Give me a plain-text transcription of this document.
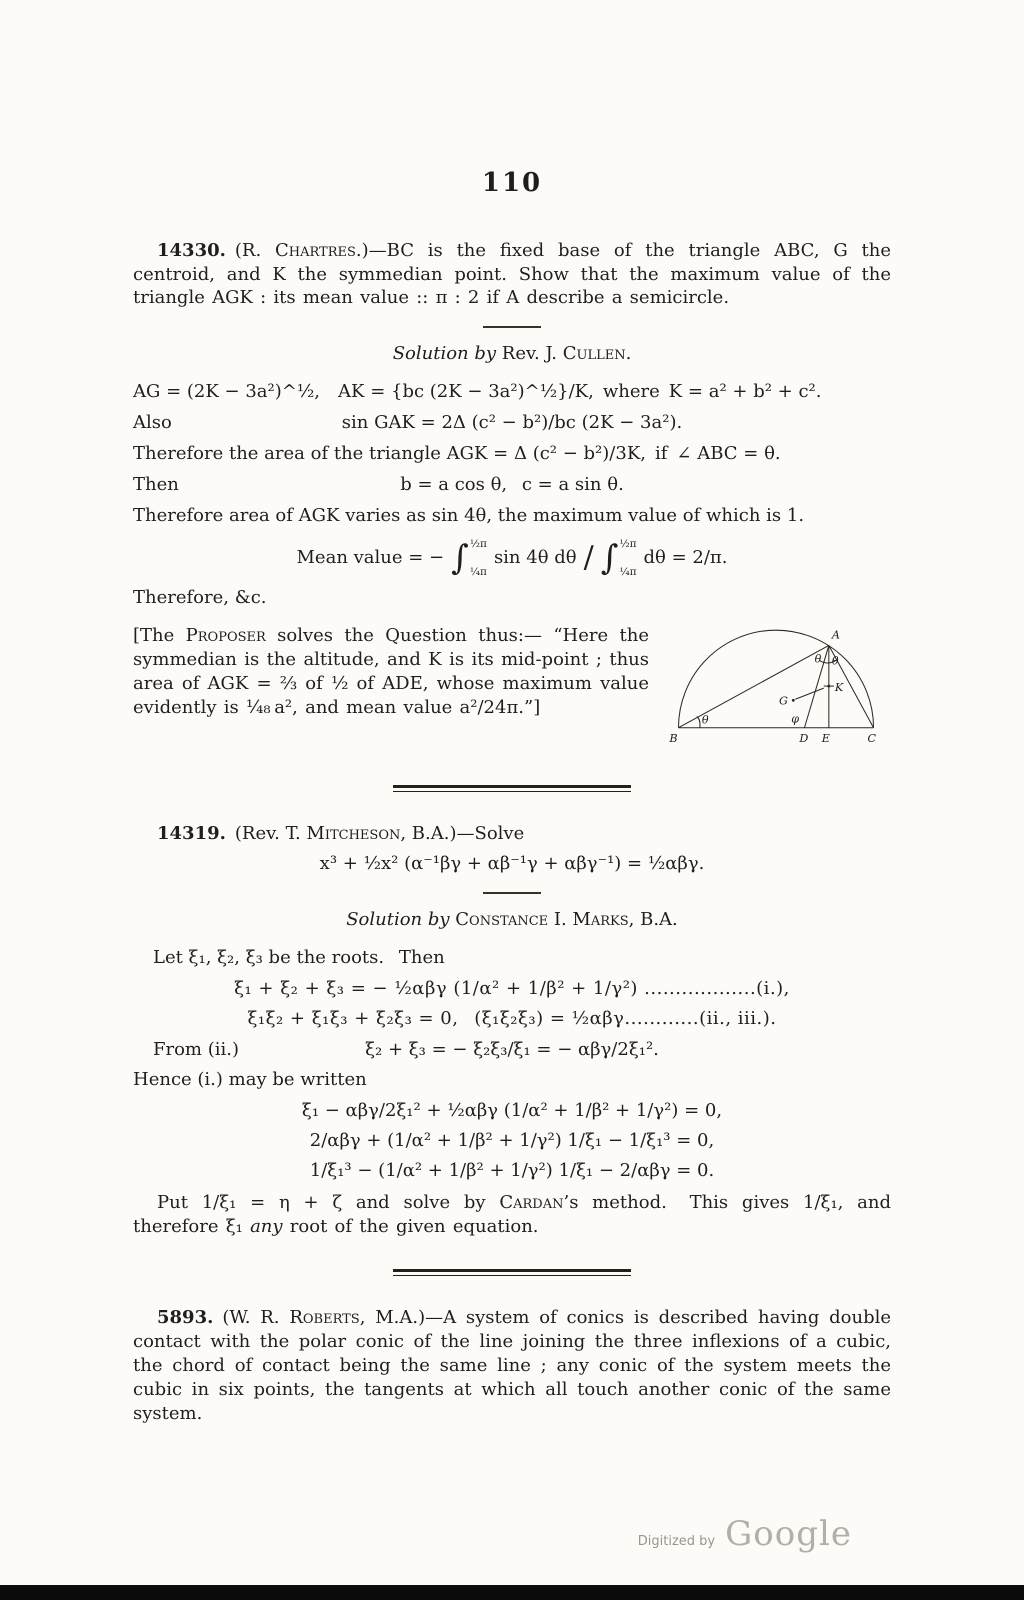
110

14330. (R. Chartres.)—BC is the fixed base of the triangle ABC, G the centroid, and K the symmedian point. Show that the maximum value of the triangle AGK : its mean value :: π : 2 if A describe a semicircle.

Solution by Rev. J. Cullen.
AG = (2K − 3a²)^½, AK = {bc (2K − 3a²)^½}/K, where K = a² + b² + c².
Also	sin GAK = 2Δ (c² − b²)/bc (2K − 3a²).
Therefore the area of the triangle AGK = Δ (c² − b²)/3K, if ∠ ABC = θ.
Then	b = a cos θ,  c = a sin θ.
Therefore area of AGK varies as sin 4θ, the maximum value of which is 1.
Mean value = − ∫ ½π
¼π
sin 4θ dθ / ∫ ½π
¼π
dθ = 2/π.
Therefore, &c.
A
B	C
D E
G
K
θ
θ θ
φ

[The Proposer solves the Question thus:— “Here the symmedian is the altitude, and K is its mid-point ; thus area of AGK = ⅔ of ½ of ADE, whose maximum value evidently is ¹⁄₄₈ a², and mean value a²/24π.”]

14319. (Rev. T. Mitcheson, B.A.)—Solve

x³ + ½x² (α⁻¹βγ + αβ⁻¹γ + αβγ⁻¹) = ½αβγ.
Solution by Constance I. Marks, B.A.
Let ξ₁, ξ₂, ξ₃ be the roots.  Then
ξ₁ + ξ₂ + ξ₃ = − ½αβγ (1/α² + 1/β² + 1/γ²) ..................(i.),
ξ₁ξ₂ + ξ₁ξ₃ + ξ₂ξ₃ = 0,  (ξ₁ξ₂ξ₃) = ½αβγ............(ii., iii.).
From (ii.)	ξ₂ + ξ₃ = − ξ₂ξ₃/ξ₁ = − αβγ/2ξ₁².
Hence (i.) may be written
ξ₁ − αβγ/2ξ₁² + ½αβγ (1/α² + 1/β² + 1/γ²) = 0,
2/αβγ + (1/α² + 1/β² + 1/γ²) 1/ξ₁ − 1/ξ₁³ = 0,
1/ξ₁³ − (1/α² + 1/β² + 1/γ²) 1/ξ₁ − 2/αβγ = 0.

Put 1/ξ₁ = η + ζ and solve by Cardan’s method.  This gives 1/ξ₁, and therefore ξ₁ any root of the given equation.

5893. (W. R. Roberts, M.A.)—A system of conics is described having double contact with the polar conic of the line joining the three inflexions of a cubic, the chord of contact being the same line ; any conic of the system meets the cubic in six points, the tangents at which all touch another conic of the same system.

Digitized by Google
